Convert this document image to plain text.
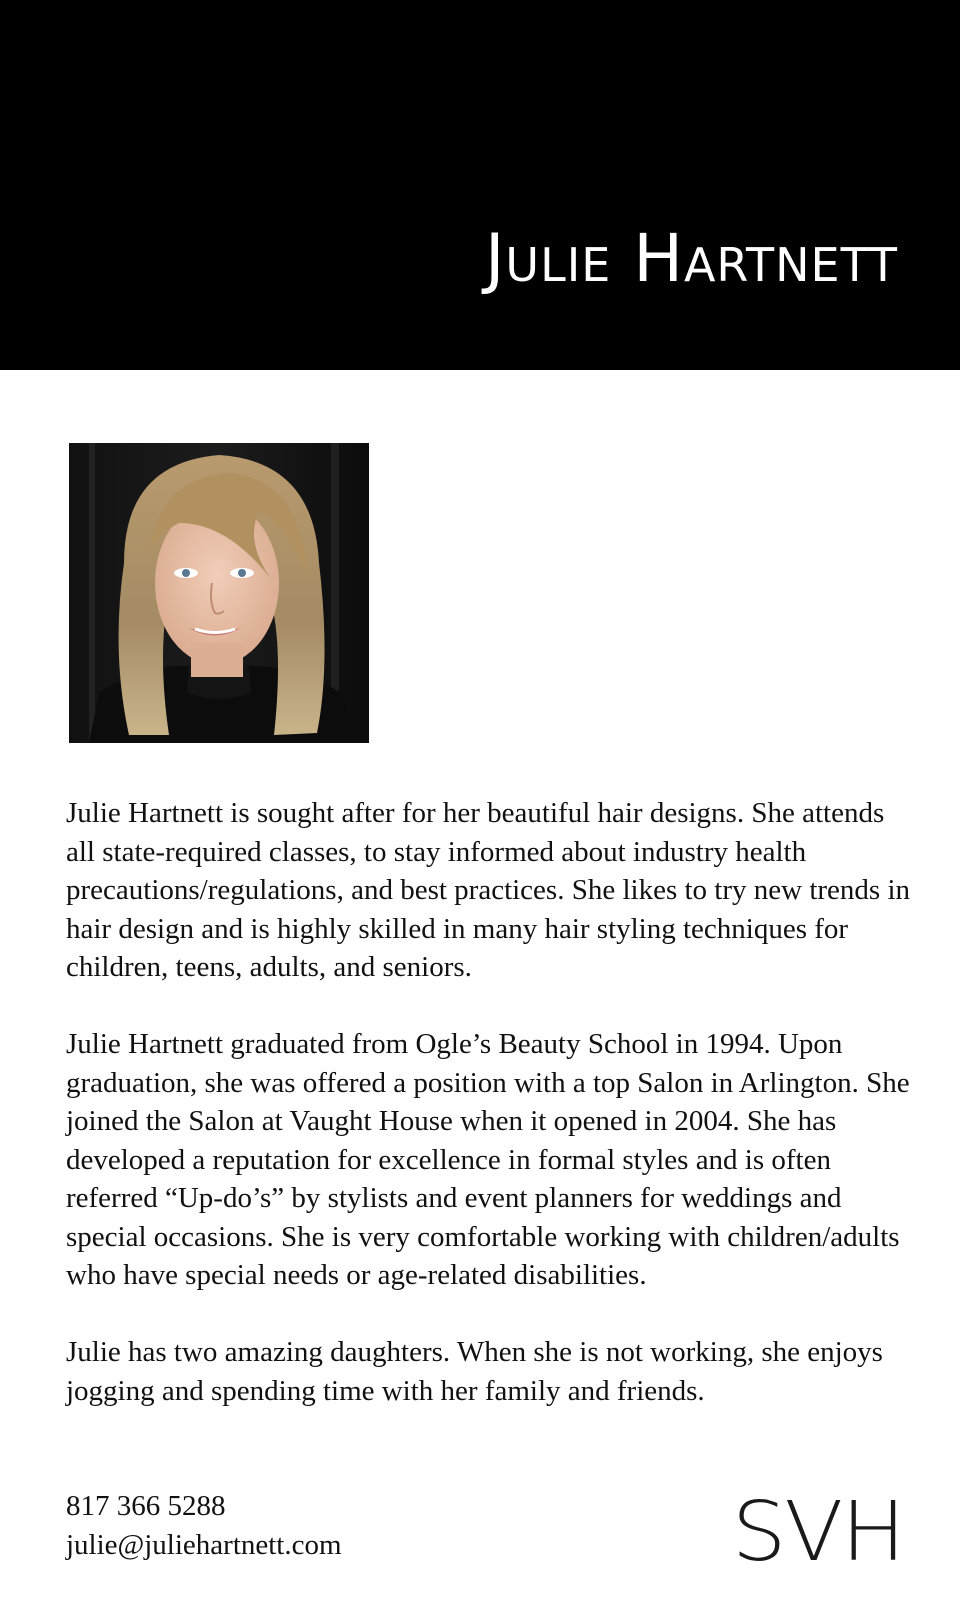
Julie Hartnett

Julie Hartnett is sought after for her beautiful hair designs. She attends all state-required classes, to stay informed about industry health precautions/regulations, and best practices. She likes to try new trends in hair design and is highly skilled in many hair styling techniques for children, teens, adults, and seniors.

Julie Hartnett graduated from Ogle’s Beauty School in 1994. Upon graduation, she was offered a position with a top Salon in Arlington. She joined the Salon at Vaught House when it opened in 2004. She has developed a reputation for excellence in formal styles and is often referred “Up-do’s” by stylists and event planners for weddings and special occasions. She is very comfortable working with children/adults who have special needs or age-related disabilities.

Julie has two amazing daughters. When she is not working, she enjoys jogging and spending time with her family and friends.

817 366 5288
julie@juliehartnett.com	SVH
